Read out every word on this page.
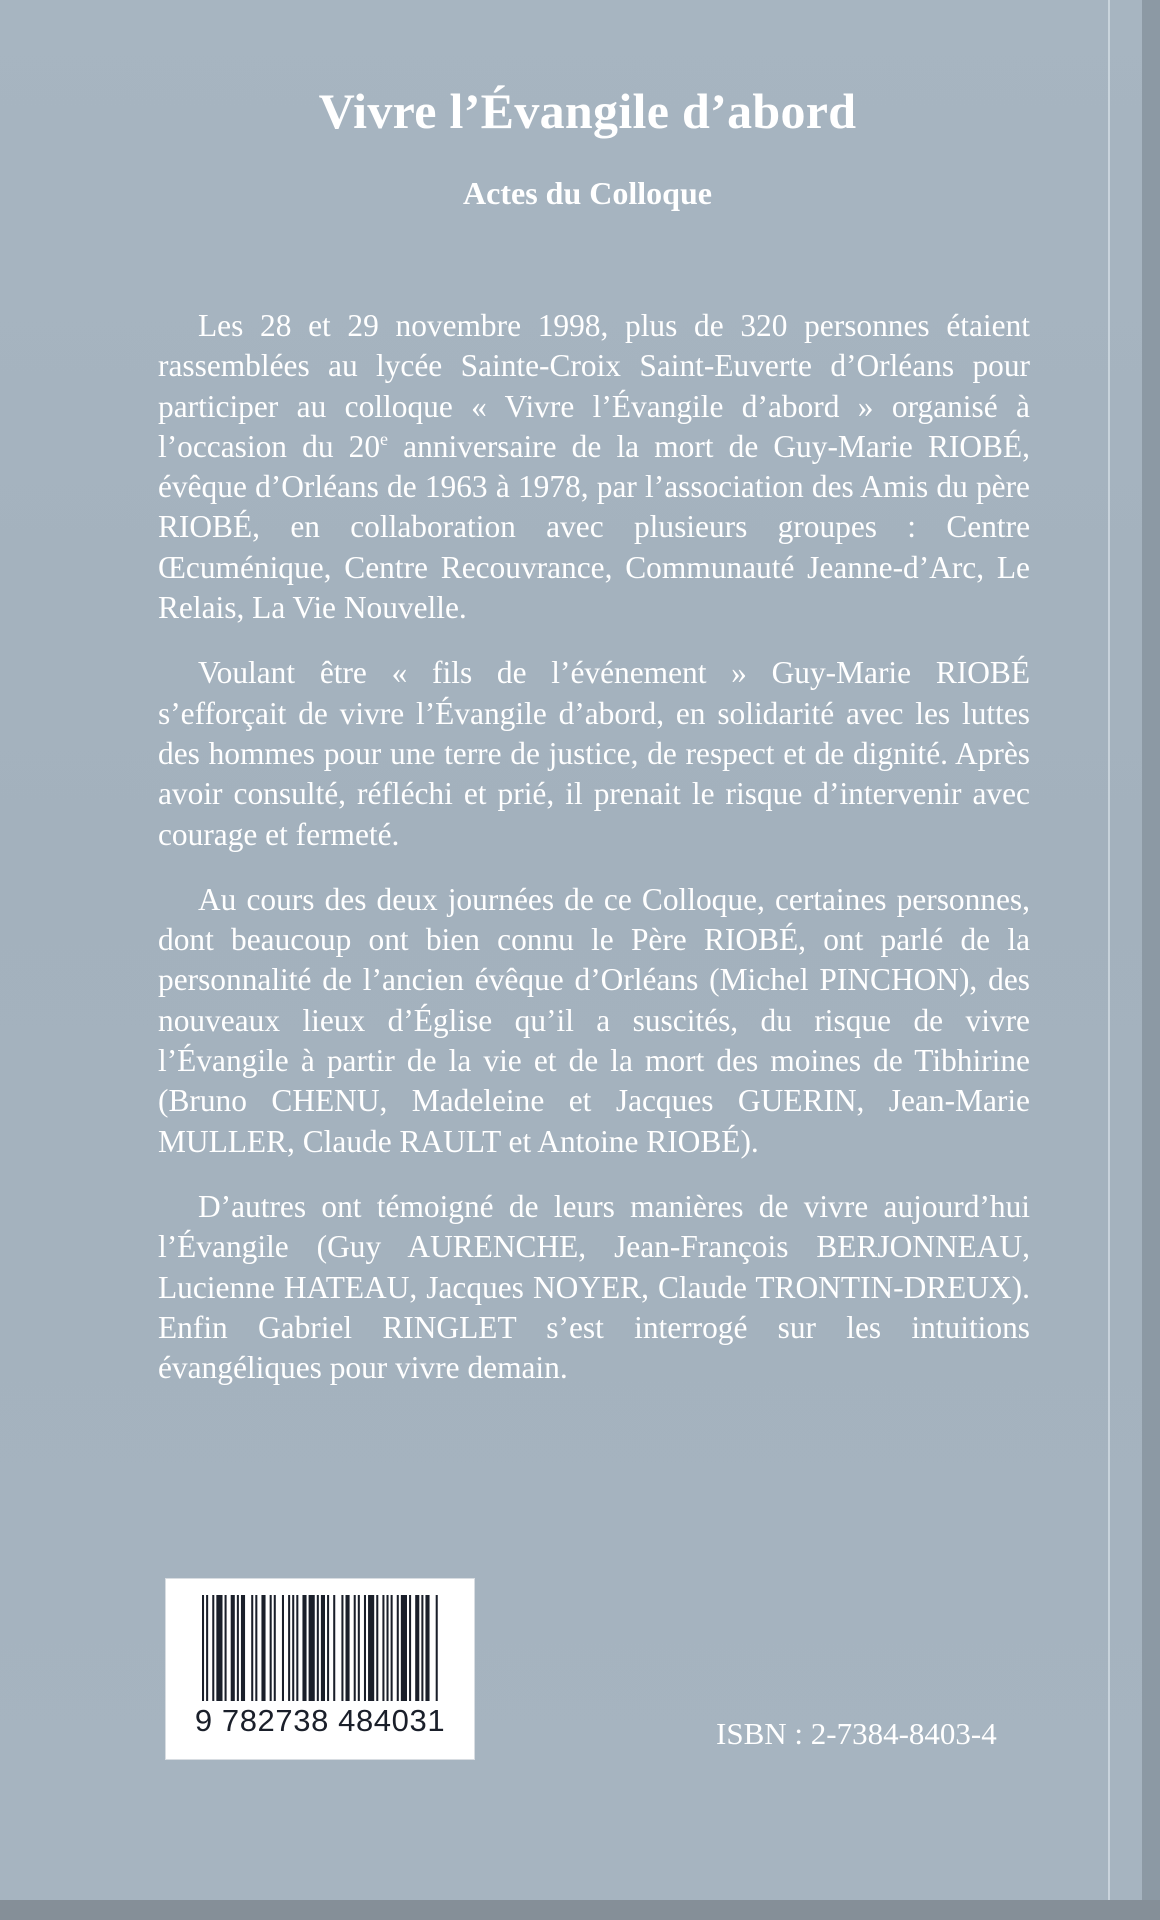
Vivre l’Évangile d’abord
Actes du Colloque

Les 28 et 29 novembre 1998, plus de 320 personnes étaient rassemblées au lycée Sainte-Croix Saint-Euverte d’Orléans pour participer au colloque « Vivre l’Évangile d’abord » organisé à l’occasion du 20e anniversaire de la mort de Guy-Marie RIOBÉ, évêque d’Orléans de 1963 à 1978, par l’association des Amis du père RIOBÉ, en collaboration avec plusieurs groupes : Centre Œcuménique, Centre Recouvrance, Communauté Jeanne-d’Arc, Le Relais, La Vie Nouvelle.

Voulant être « fils de l’événement » Guy-Marie RIOBÉ s’efforçait de vivre l’Évangile d’abord, en solidarité avec les luttes des hommes pour une terre de justice, de respect et de dignité. Après avoir consulté, réfléchi et prié, il prenait le risque d’intervenir avec courage et fermeté.

Au cours des deux journées de ce Colloque, certaines personnes, dont beaucoup ont bien connu le Père RIOBÉ, ont parlé de la personnalité de l’ancien évêque d’Orléans (Michel PINCHON), des nouveaux lieux d’Église qu’il a suscités, du risque de vivre l’Évangile à partir de la vie et de la mort des moines de Tibhirine (Bruno CHENU, Madeleine et Jacques GUERIN, Jean-Marie MULLER, Claude RAULT et Antoine RIOBÉ).

D’autres ont témoigné de leurs manières de vivre aujourd’hui l’Évangile (Guy AURENCHE, Jean-François BERJONNEAU, Lucienne HATEAU, Jacques NOYER, Claude TRONTIN-DREUX). Enfin Gabriel RINGLET s’est interrogé sur les intuitions évangéliques pour vivre demain.

9 782738 484031	ISBN : 2-7384-8403-4
